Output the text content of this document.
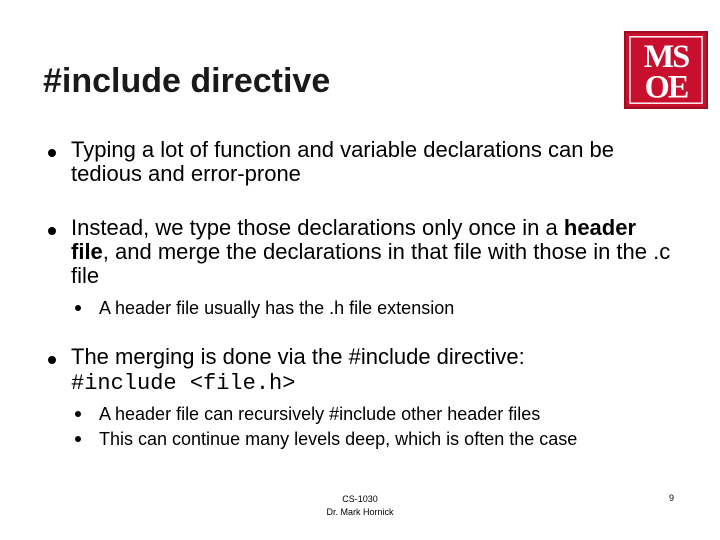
#include directive
MS
OE
Typing a lot of function and variable declarations can be tedious and error-prone
Instead, we type those declarations only once in a header file, and merge the declarations in that file with those in the .c file
A header file usually has the .h file extension
The merging is done via the #include directive:
#include <file.h>
A header file can recursively #include other header files
This can continue many levels deep, which is often the case
CS-1030
Dr. Mark Hornick
9
